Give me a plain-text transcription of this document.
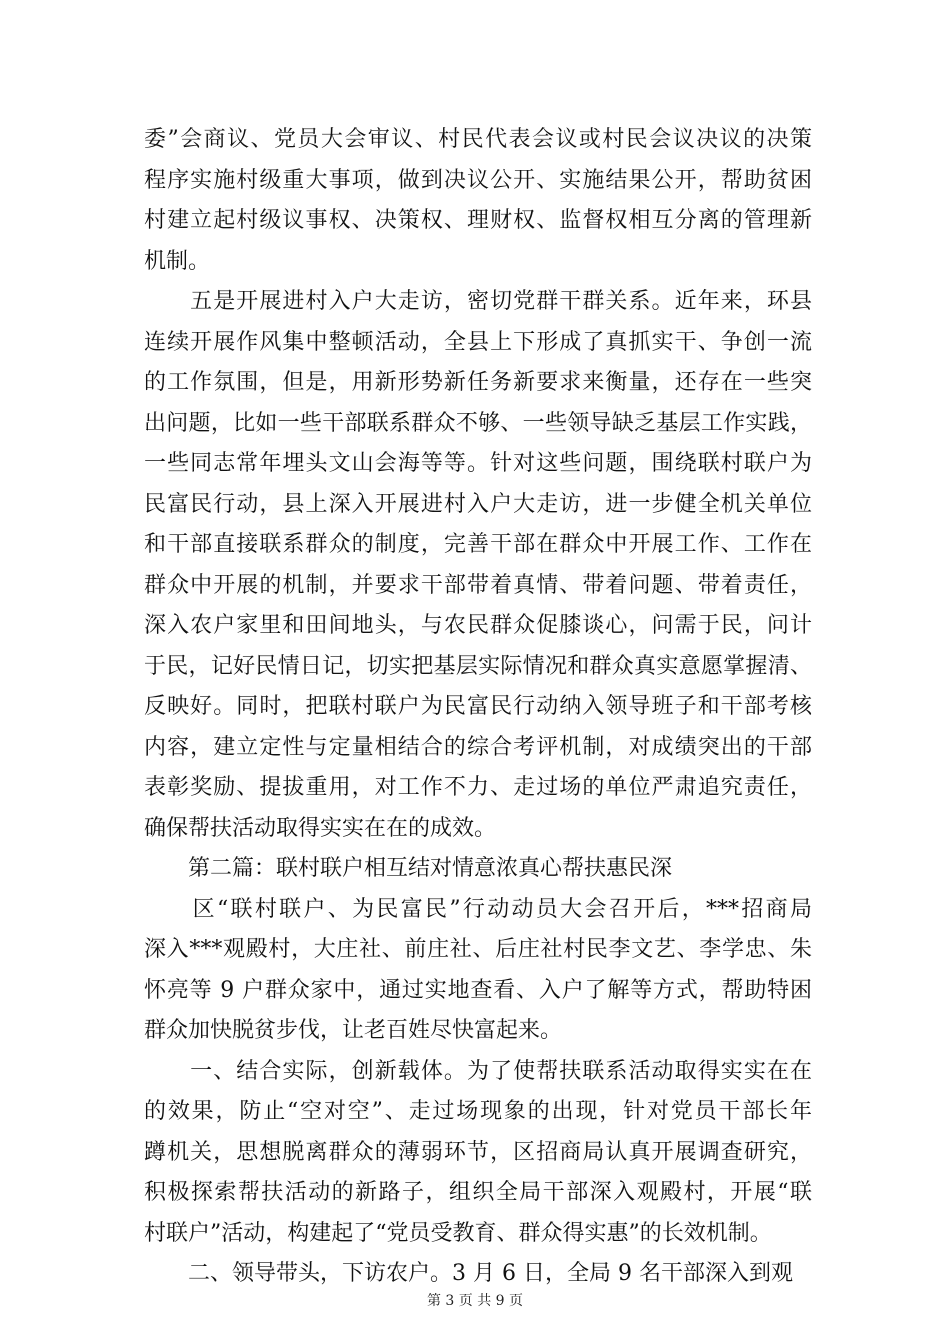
委”会商议、党员大会审议、村民代表会议或村民会议决议的决策
程序实施村级重大事项，做到决议公开、实施结果公开，帮助贫困
村建立起村级议事权、决策权、理财权、监督权相互分离的管理新
机制。
　　五是开展进村入户大走访，密切党群干群关系。近年来，环县
连续开展作风集中整顿活动，全县上下形成了真抓实干、争创一流
的工作氛围，但是，用新形势新任务新要求来衡量，还存在一些突
出问题，比如一些干部联系群众不够、一些领导缺乏基层工作实践，
一些同志常年埋头文山会海等等。针对这些问题，围绕联村联户为
民富民行动，县上深入开展进村入户大走访，进一步健全机关单位
和干部直接联系群众的制度，完善干部在群众中开展工作、工作在
群众中开展的机制，并要求干部带着真情、带着问题、带着责任，
深入农户家里和田间地头，与农民群众促膝谈心，问需于民，问计
于民，记好民情日记，切实把基层实际情况和群众真实意愿掌握清、
反映好。同时，把联村联户为民富民行动纳入领导班子和干部考核
内容，建立定性与定量相结合的综合考评机制，对成绩突出的干部
表彰奖励、提拔重用，对工作不力、走过场的单位严肃追究责任，
确保帮扶活动取得实实在在的成效。
　　第二篇：联村联户相互结对情意浓真心帮扶惠民深
　　区“联村联户、为民富民”行动动员大会召开后，***招商局
深入***观殿村，大庄社、前庄社、后庄社村民李文艺、李学忠、朱
怀亮等 9 户群众家中，通过实地查看、入户了解等方式，帮助特困
群众加快脱贫步伐，让老百姓尽快富起来。
　　一、结合实际，创新载体。为了使帮扶联系活动取得实实在在
的效果，防止“空对空”、走过场现象的出现，针对党员干部长年
蹲机关，思想脱离群众的薄弱环节，区招商局认真开展调查研究，
积极探索帮扶活动的新路子，组织全局干部深入观殿村，开展“联
村联户”活动，构建起了“党员受教育、群众得实惠”的长效机制。
　　二、领导带头，下访农户。3 月 6 日，全局 9 名干部深入到观
第 3 页 共 9 页
